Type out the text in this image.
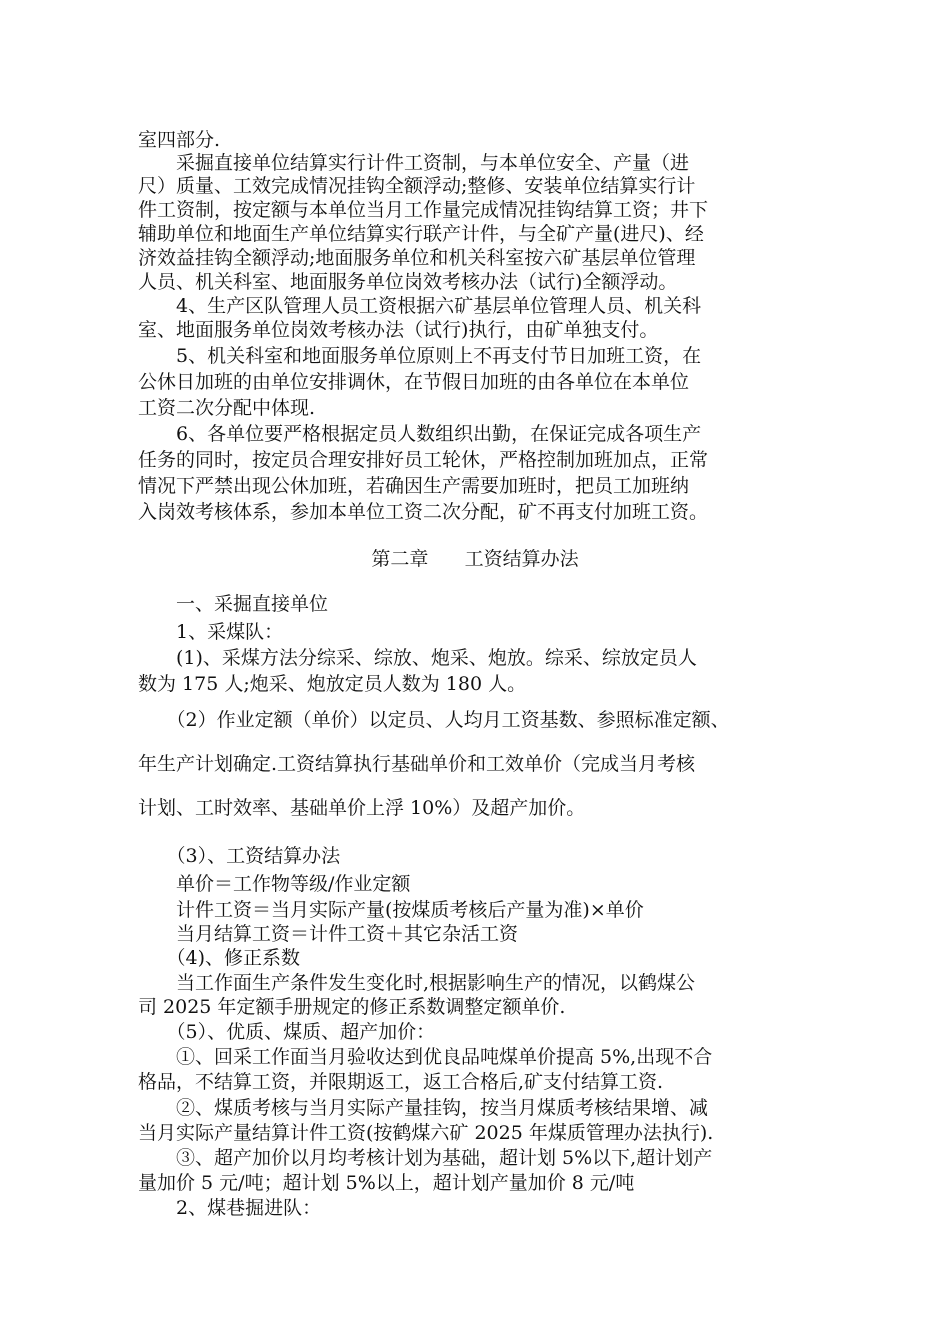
室四部分.
　　采掘直接单位结算实行计件工资制，与本单位安全、产量（进
尺）质量、工效完成情况挂钩全额浮动;整修、安装单位结算实行计
件工资制，按定额与本单位当月工作量完成情况挂钩结算工资；井下
辅助单位和地面生产单位结算实行联产计件，与全矿产量(进尺)、经
济效益挂钩全额浮动;地面服务单位和机关科室按六矿基层单位管理
人员、机关科室、地面服务单位岗效考核办法（试行)全额浮动。
　　4、生产区队管理人员工资根据六矿基层单位管理人员、机关科
室、地面服务单位岗效考核办法（试行)执行，由矿单独支付。
　　5、机关科室和地面服务单位原则上不再支付节日加班工资，在
公休日加班的由单位安排调休，在节假日加班的由各单位在本单位
工资二次分配中体现.
　　6、各单位要严格根据定员人数组织出勤，在保证完成各项生产
任务的同时，按定员合理安排好员工轮休，严格控制加班加点，正常
情况下严禁出现公休加班，若确因生产需要加班时，把员工加班纳
入岗效考核体系，参加本单位工资二次分配，矿不再支付加班工资。
第二章      工资结算办法
　　一、采掘直接单位
　　1、采煤队：
　　(1)、采煤方法分综采、综放、炮采、炮放。综采、综放定员人
数为 175 人;炮采、炮放定员人数为 180 人。
　　（2）作业定额（单价）以定员、人均月工资基数、参照标准定额、
年生产计划确定.工资结算执行基础单价和工效单价（完成当月考核
计划、工时效率、基础单价上浮 10%）及超产加价。
　　（3）、工资结算办法
　　单价＝工作物等级/作业定额
　　计件工资＝当月实际产量(按煤质考核后产量为准)×单价
　　当月结算工资＝计件工资＋其它杂活工资
　　（4)、修正系数
　　当工作面生产条件发生变化时,根据影响生产的情况，以鹤煤公
司 2025 年定额手册规定的修正系数调整定额单价.
　　（5）、优质、煤质、超产加价：
　　①、回采工作面当月验收达到优良品吨煤单价提高 5%,出现不合
格品，不结算工资，并限期返工，返工合格后,矿支付结算工资.
　　②、煤质考核与当月实际产量挂钩，按当月煤质考核结果增、减
当月实际产量结算计件工资(按鹤煤六矿 2025 年煤质管理办法执行).
　　③、超产加价以月均考核计划为基础，超计划 5%以下,超计划产
量加价 5 元/吨；超计划 5%以上，超计划产量加价 8 元/吨
　　2、煤巷掘进队：
